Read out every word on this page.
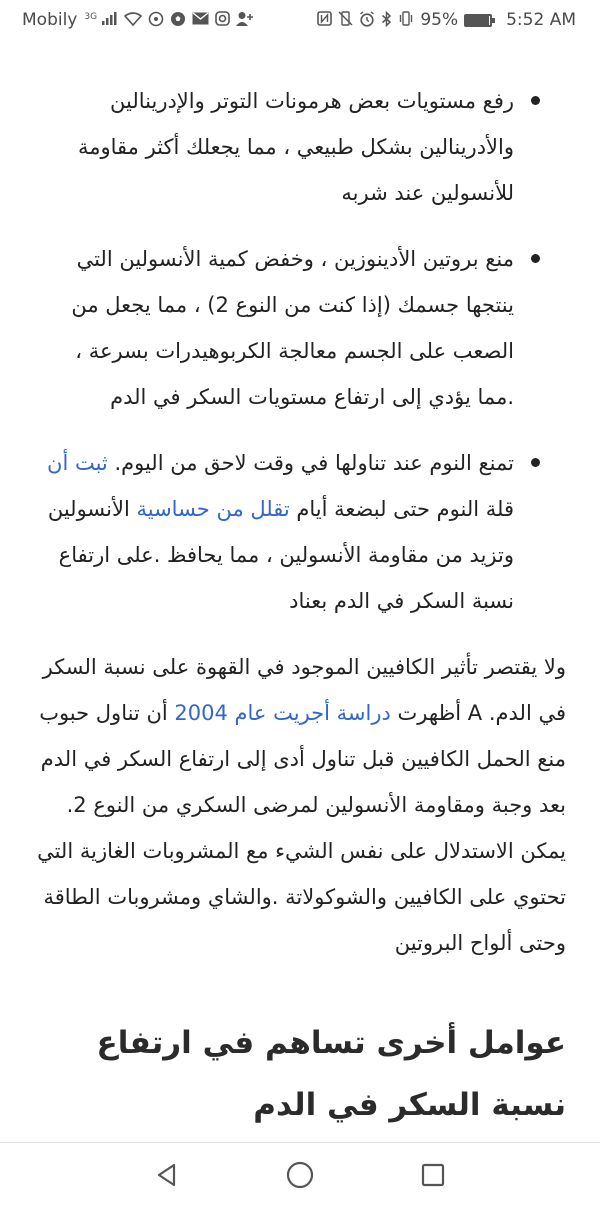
Mobily $^{3G}$	95%	5:52 AM
رفع مستويات بعض هرمونات التوتر والإدرينالين والأدرينالين بشكل طبيعي ، مما يجعلك أكثر مقاومة للأنسولين عند شربه
منع بروتين الأدينوزين ، وخفض كمية الأنسولين التي ينتجها جسمك (إذا كنت من النوع 2) ، مما يجعل من الصعب على الجسم معالجة الكربوهيدرات بسرعة ، .مما يؤدي إلى ارتفاع مستويات السكر في الدم
تمنع النوم عند تناولها في وقت لاحق من اليوم. ثبت أن قلة النوم حتى لبضعة أيام تقلل من حساسية الأنسولين وتزيد من مقاومة الأنسولين ، مما يحافظ .على ارتفاع نسبة السكر في الدم بعناد

ولا يقتصر تأثير الكافيين الموجود في القهوة على نسبة السكر في الدم. A أظهرت دراسة أجريت عام 2004 أن تناول حبوب منع الحمل الكافيين قبل تناول أدى إلى ارتفاع السكر في الدم بعد وجبة ومقاومة الأنسولين لمرضى السكري من النوع 2. يمكن الاستدلال على نفس الشيء مع المشروبات الغازية التي تحتوي على الكافيين والشوكولاتة .والشاي ومشروبات الطاقة وحتى ألواح البروتين

عوامل أخرى تساهم في ارتفاع نسبة السكر في الدم
